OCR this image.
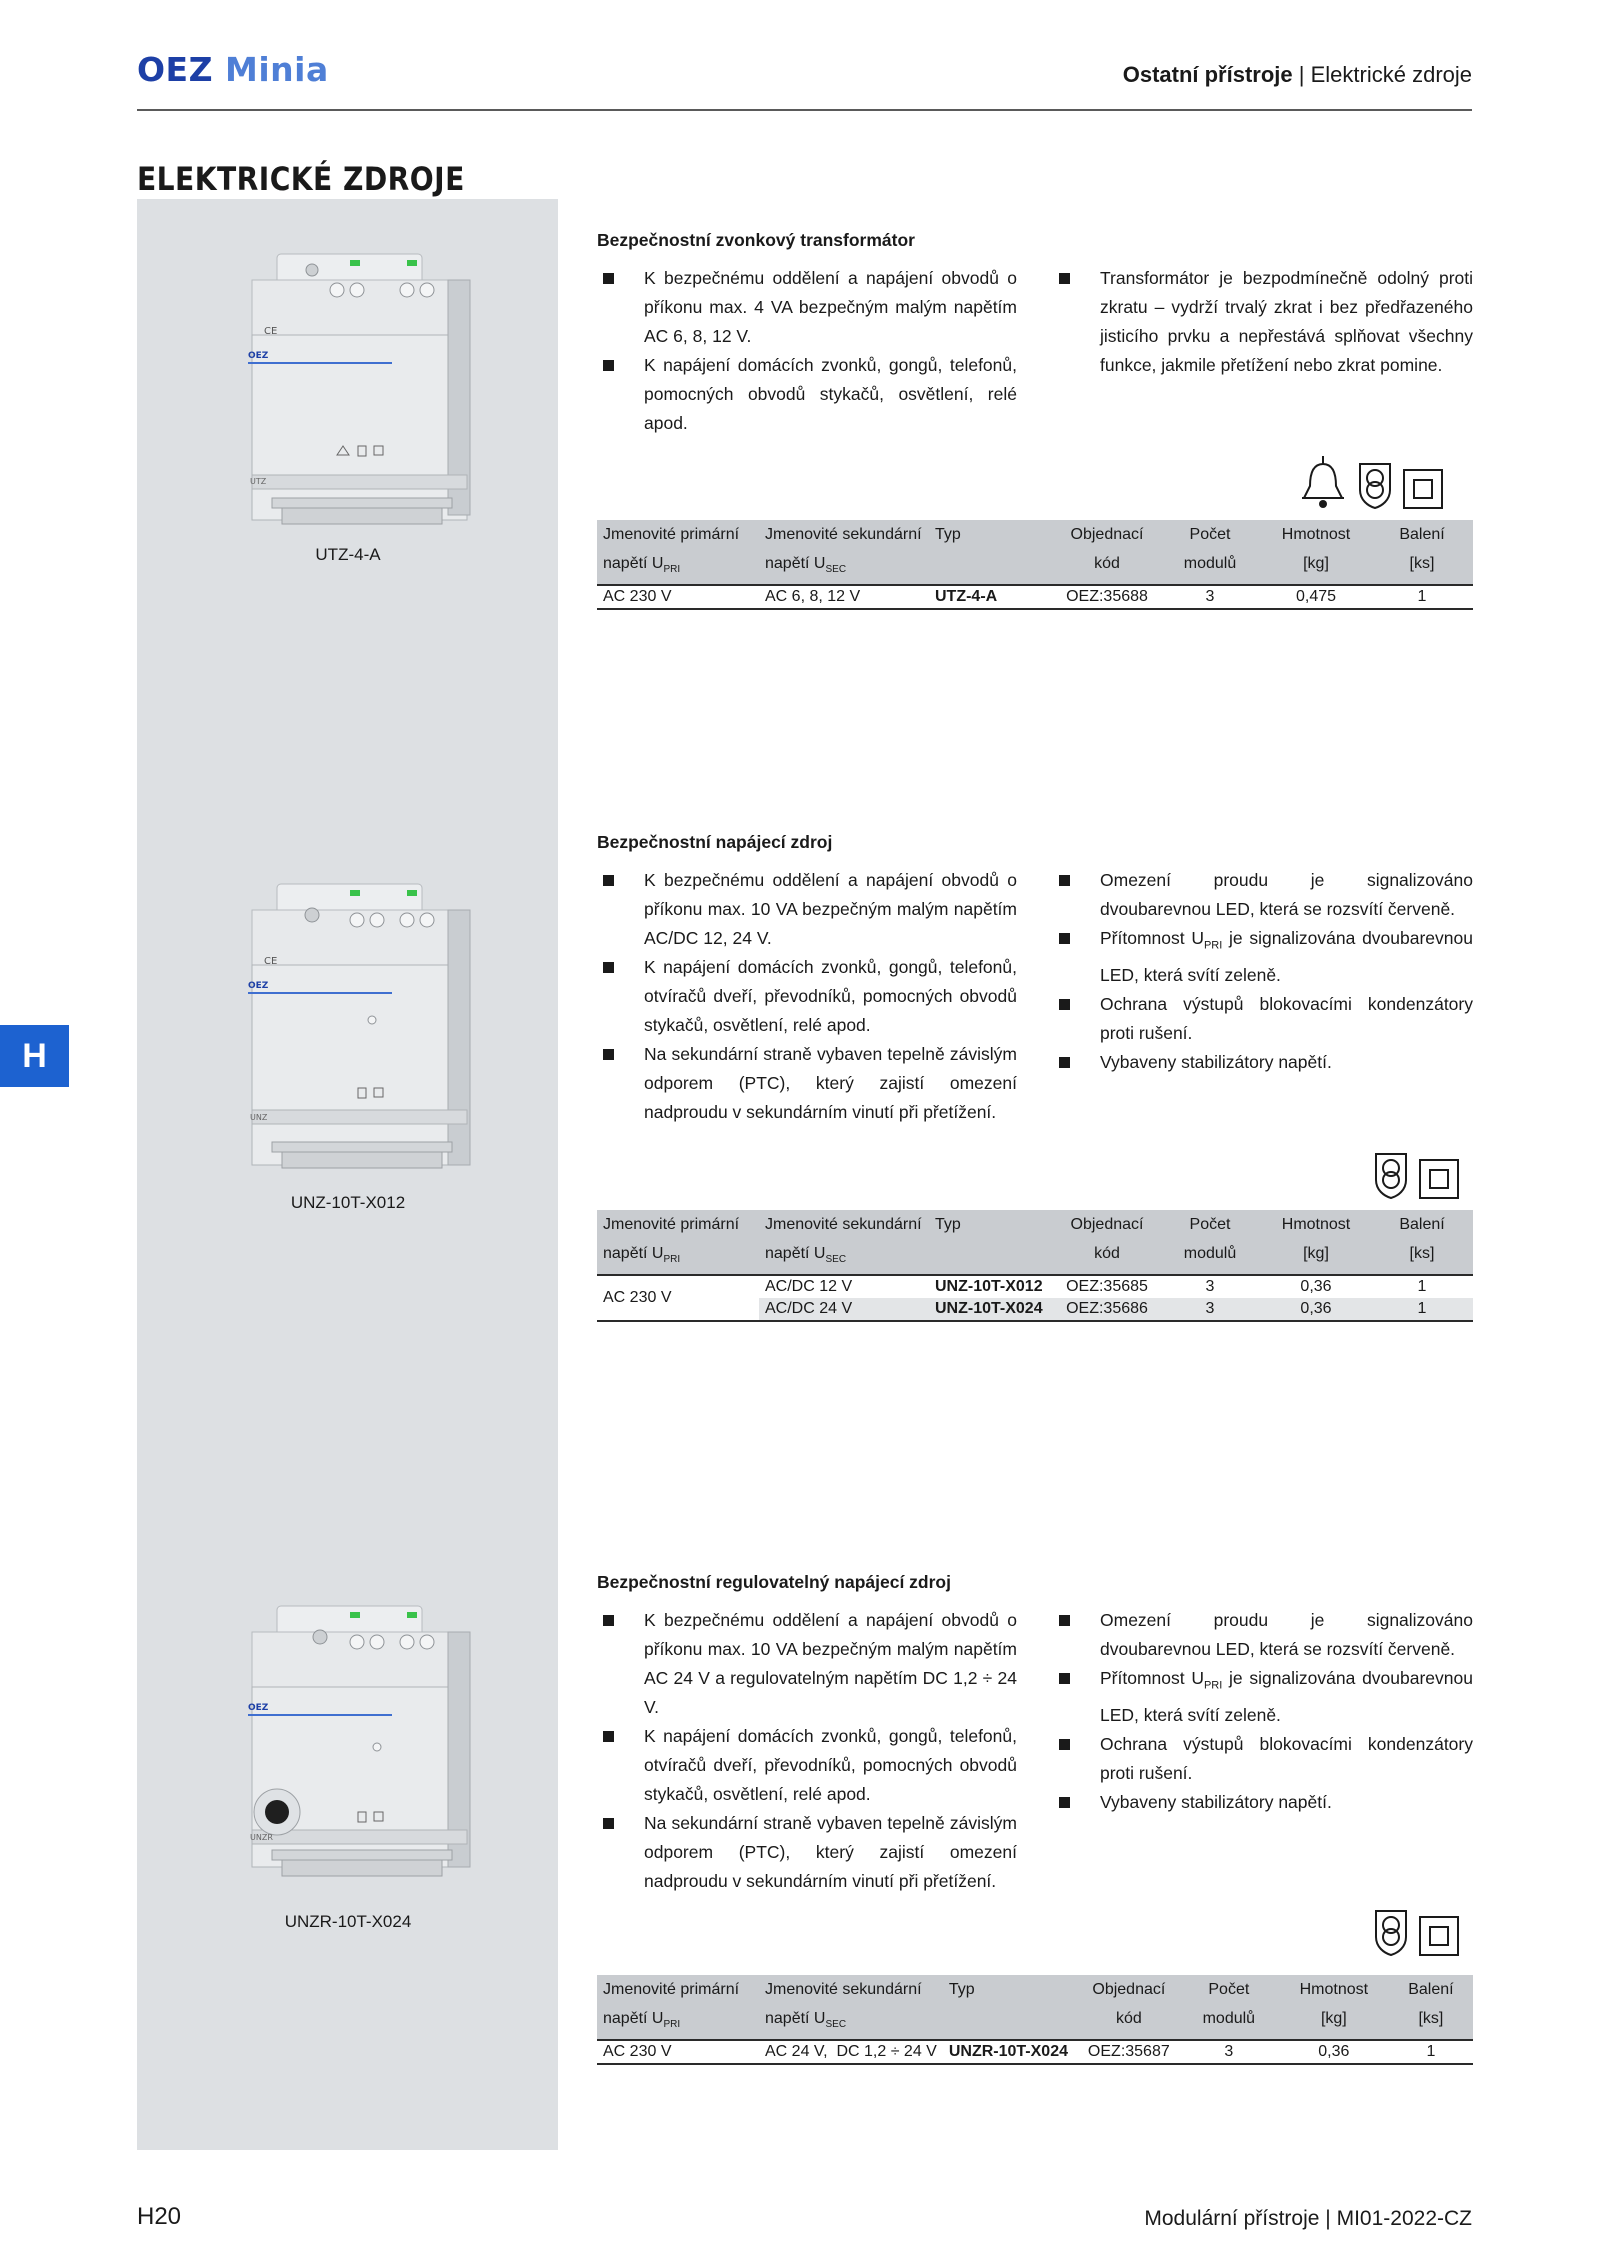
OEZ Minia	Ostatní přístroje | Elektrické zdroje
ELEKTRICKÉ ZDROJE
H
CE
OEZ
UTZ
UTZ-4-A
Bezpečnostní zvonkový transformátor
K bezpečnému oddělení a napájení obvodů o příkonu max. 4 VA bezpečným malým napětím AC 6, 8, 12 V.
K napájení domácích zvonků, gongů, telefonů, pomocných obvodů stykačů, osvětlení, relé apod.
Transformátor je bezpodmínečně odolný proti zkratu – vydrží trvalý zkrat i bez předřazeného jisticího prvku a nepřestává splňovat všechny funkce, jakmile přetížení nebo zkrat pomine.
Jmenovité primární	Jmenovité sekundární	Typ	Objednací	Počet	Hmotnost	Balení
napětí $U_{PRI}$	napětí $U_{SEC}$		kód	modulů	[kg]	[ks]
AC 230 V	AC 6, 8, 12 V	UTZ-4-A	OEZ:35688	3	0,475	1
CE
OEZ
UNZ
UNZ-10T-X012
Bezpečnostní napájecí zdroj
K bezpečnému oddělení a napájení obvodů o příkonu max. 10 VA bezpečným malým napětím AC/DC 12, 24 V.
K napájení domácích zvonků, gongů, telefonů, otvíračů dveří, převodníků, pomocných obvodů stykačů, osvětlení, relé apod.
Na sekundární straně vybaven tepelně závislým odporem (PTC), který zajistí omezení nadproudu v sekundárním vinutí při přetížení.
Omezení proudu je signalizováno dvoubarevnou LED, která se rozsvítí červeně.
Přítomnost $U_{PRI}$ je signalizována dvoubarevnou LED, která svítí zeleně.
Ochrana výstupů blokovacími kondenzátory proti rušení.
Vybaveny stabilizátory napětí.
Jmenovité primární	Jmenovité sekundární	Typ	Objednací	Počet	Hmotnost	Balení
napětí $U_{PRI}$	napětí $U_{SEC}$		kód	modulů	[kg]	[ks]
AC 230 V	AC/DC 12 V	UNZ-10T-X012	OEZ:35685	3	0,36	1
	AC/DC 24 V	UNZ-10T-X024	OEZ:35686	3	0,36	1
OEZ
UNZR
UNZR-10T-X024
Bezpečnostní regulovatelný napájecí zdroj
K bezpečnému oddělení a napájení obvodů o příkonu max. 10 VA bezpečným malým napětím AC 24 V a regulovatelným napětím DC 1,2 ÷ 24 V.
K napájení domácích zvonků, gongů, telefonů, otvíračů dveří, převodníků, pomocných obvodů stykačů, osvětlení, relé apod.
Na sekundární straně vybaven tepelně závislým odporem (PTC), který zajistí omezení nadproudu v sekundárním vinutí při přetížení.
Omezení proudu je signalizováno dvoubarevnou LED, která se rozsvítí červeně.
Přítomnost $U_{PRI}$ je signalizována dvoubarevnou LED, která svítí zeleně.
Ochrana výstupů blokovacími kondenzátory proti rušení.
Vybaveny stabilizátory napětí.
Jmenovité primární	Jmenovité sekundární	Typ	Objednací	Počet	Hmotnost	Balení
napětí $U_{PRI}$	napětí $U_{SEC}$		kód	modulů	[kg]	[ks]
AC 230 V	AC 24 V,  DC 1,2 ÷ 24 V	UNZR-10T-X024	OEZ:35687	3	0,36	1
H20	Modulární přístroje | MI01-2022-CZ
